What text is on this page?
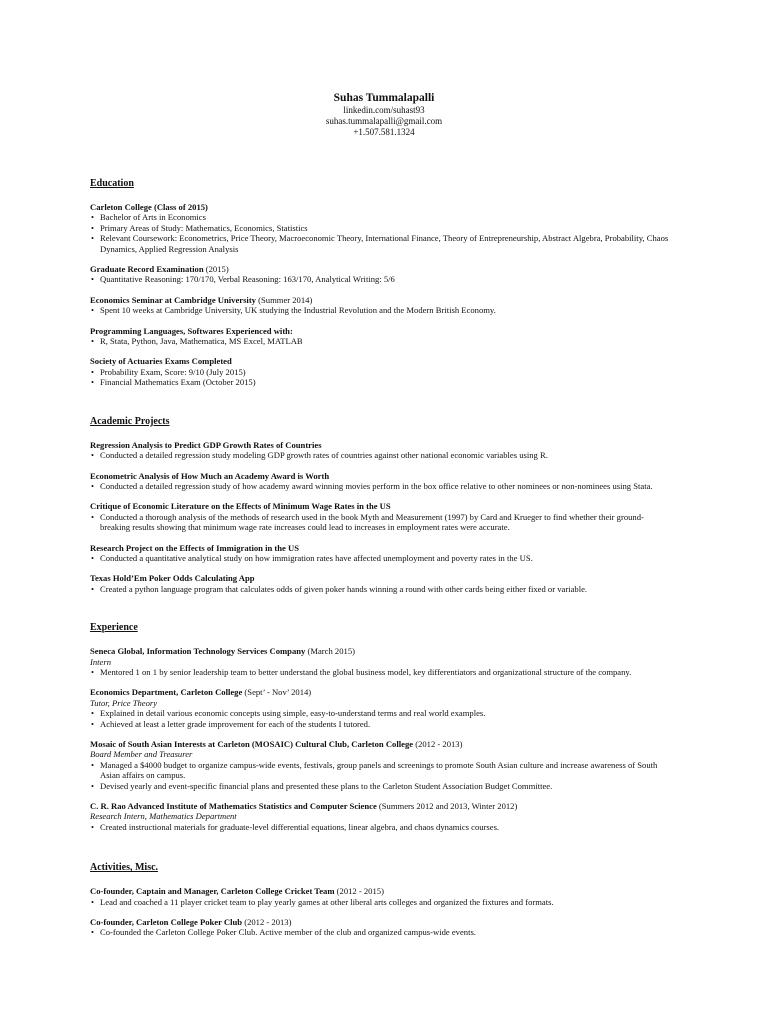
Suhas Tummalapalli
linkedin.com/suhast93
suhas.tummalapalli@gmail.com
+1.507.581.1324
Education
Carleton College (Class of 2015)
• Bachelor of Arts in Economics
• Primary Areas of Study: Mathematics, Economics, Statistics
• Relevant Coursework: Econometrics, Price Theory, Macroeconomic Theory, International Finance, Theory of Entrepreneurship, Abstract Algebra, Probability, Chaos Dynamics, Applied Regression Analysis
Graduate Record Examination (2015)
• Quantitative Reasoning: 170/170, Verbal Reasoning: 163/170, Analytical Writing: 5/6
Economics Seminar at Cambridge University (Summer 2014)
• Spent 10 weeks at Cambridge University, UK studying the Industrial Revolution and the Modern British Economy.
Programming Languages, Softwares Experienced with:
• R, Stata, Python, Java, Mathematica, MS Excel, MATLAB
Society of Actuaries Exams Completed
• Probability Exam, Score: 9/10 (July 2015)
• Financial Mathematics Exam (October 2015)
Academic Projects
Regression Analysis to Predict GDP Growth Rates of Countries
• Conducted a detailed regression study modeling GDP growth rates of countries against other national economic variables using R.
Econometric Analysis of How Much an Academy Award is Worth
• Conducted a detailed regression study of how academy award winning movies perform in the box office relative to other nominees or non-nominees using Stata.
Critique of Economic Literature on the Effects of Minimum Wage Rates in the US
• Conducted a thorough analysis of the methods of research used in the book Myth and Measurement (1997) by Card and Krueger to find whether their ground-breaking results showing that minimum wage rate increases could lead to increases in employment rates were accurate.
Research Project on the Effects of Immigration in the US
• Conducted a quantitative analytical study on how immigration rates have affected unemployment and poverty rates in the US.
Texas Hold’Em Poker Odds Calculating App
• Created a python language program that calculates odds of given poker hands winning a round with other cards being either fixed or variable.
Experience
Seneca Global, Information Technology Services Company (March 2015)
Intern
• Mentored 1 on 1 by senior leadership team to better understand the global business model, key differentiators and organizational structure of the company.
Economics Department, Carleton College (Sept’ - Nov’ 2014)
Tutor, Price Theory
• Explained in detail various economic concepts using simple, easy-to-understand terms and real world examples.
• Achieved at least a letter grade improvement for each of the students I tutored.
Mosaic of South Asian Interests at Carleton (MOSAIC) Cultural Club, Carleton College (2012 - 2013)
Board Member and Treasurer
• Managed a $4000 budget to organize campus-wide events, festivals, group panels and screenings to promote South Asian culture and increase awareness of South Asian affairs on campus.
• Devised yearly and event-specific financial plans and presented these plans to the Carleton Student Association Budget Committee.
C. R. Rao Advanced Institute of Mathematics Statistics and Computer Science (Summers 2012 and 2013, Winter 2012)
Research Intern, Mathematics Department
• Created instructional materials for graduate-level differential equations, linear algebra, and chaos dynamics courses.
Activities, Misc.
Co-founder, Captain and Manager, Carleton College Cricket Team (2012 - 2015)
• Lead and coached a 11 player cricket team to play yearly games at other liberal arts colleges and organized the fixtures and formats.
Co-founder, Carleton College Poker Club (2012 - 2013)
• Co-founded the Carleton College Poker Club. Active member of the club and organized campus-wide events.
